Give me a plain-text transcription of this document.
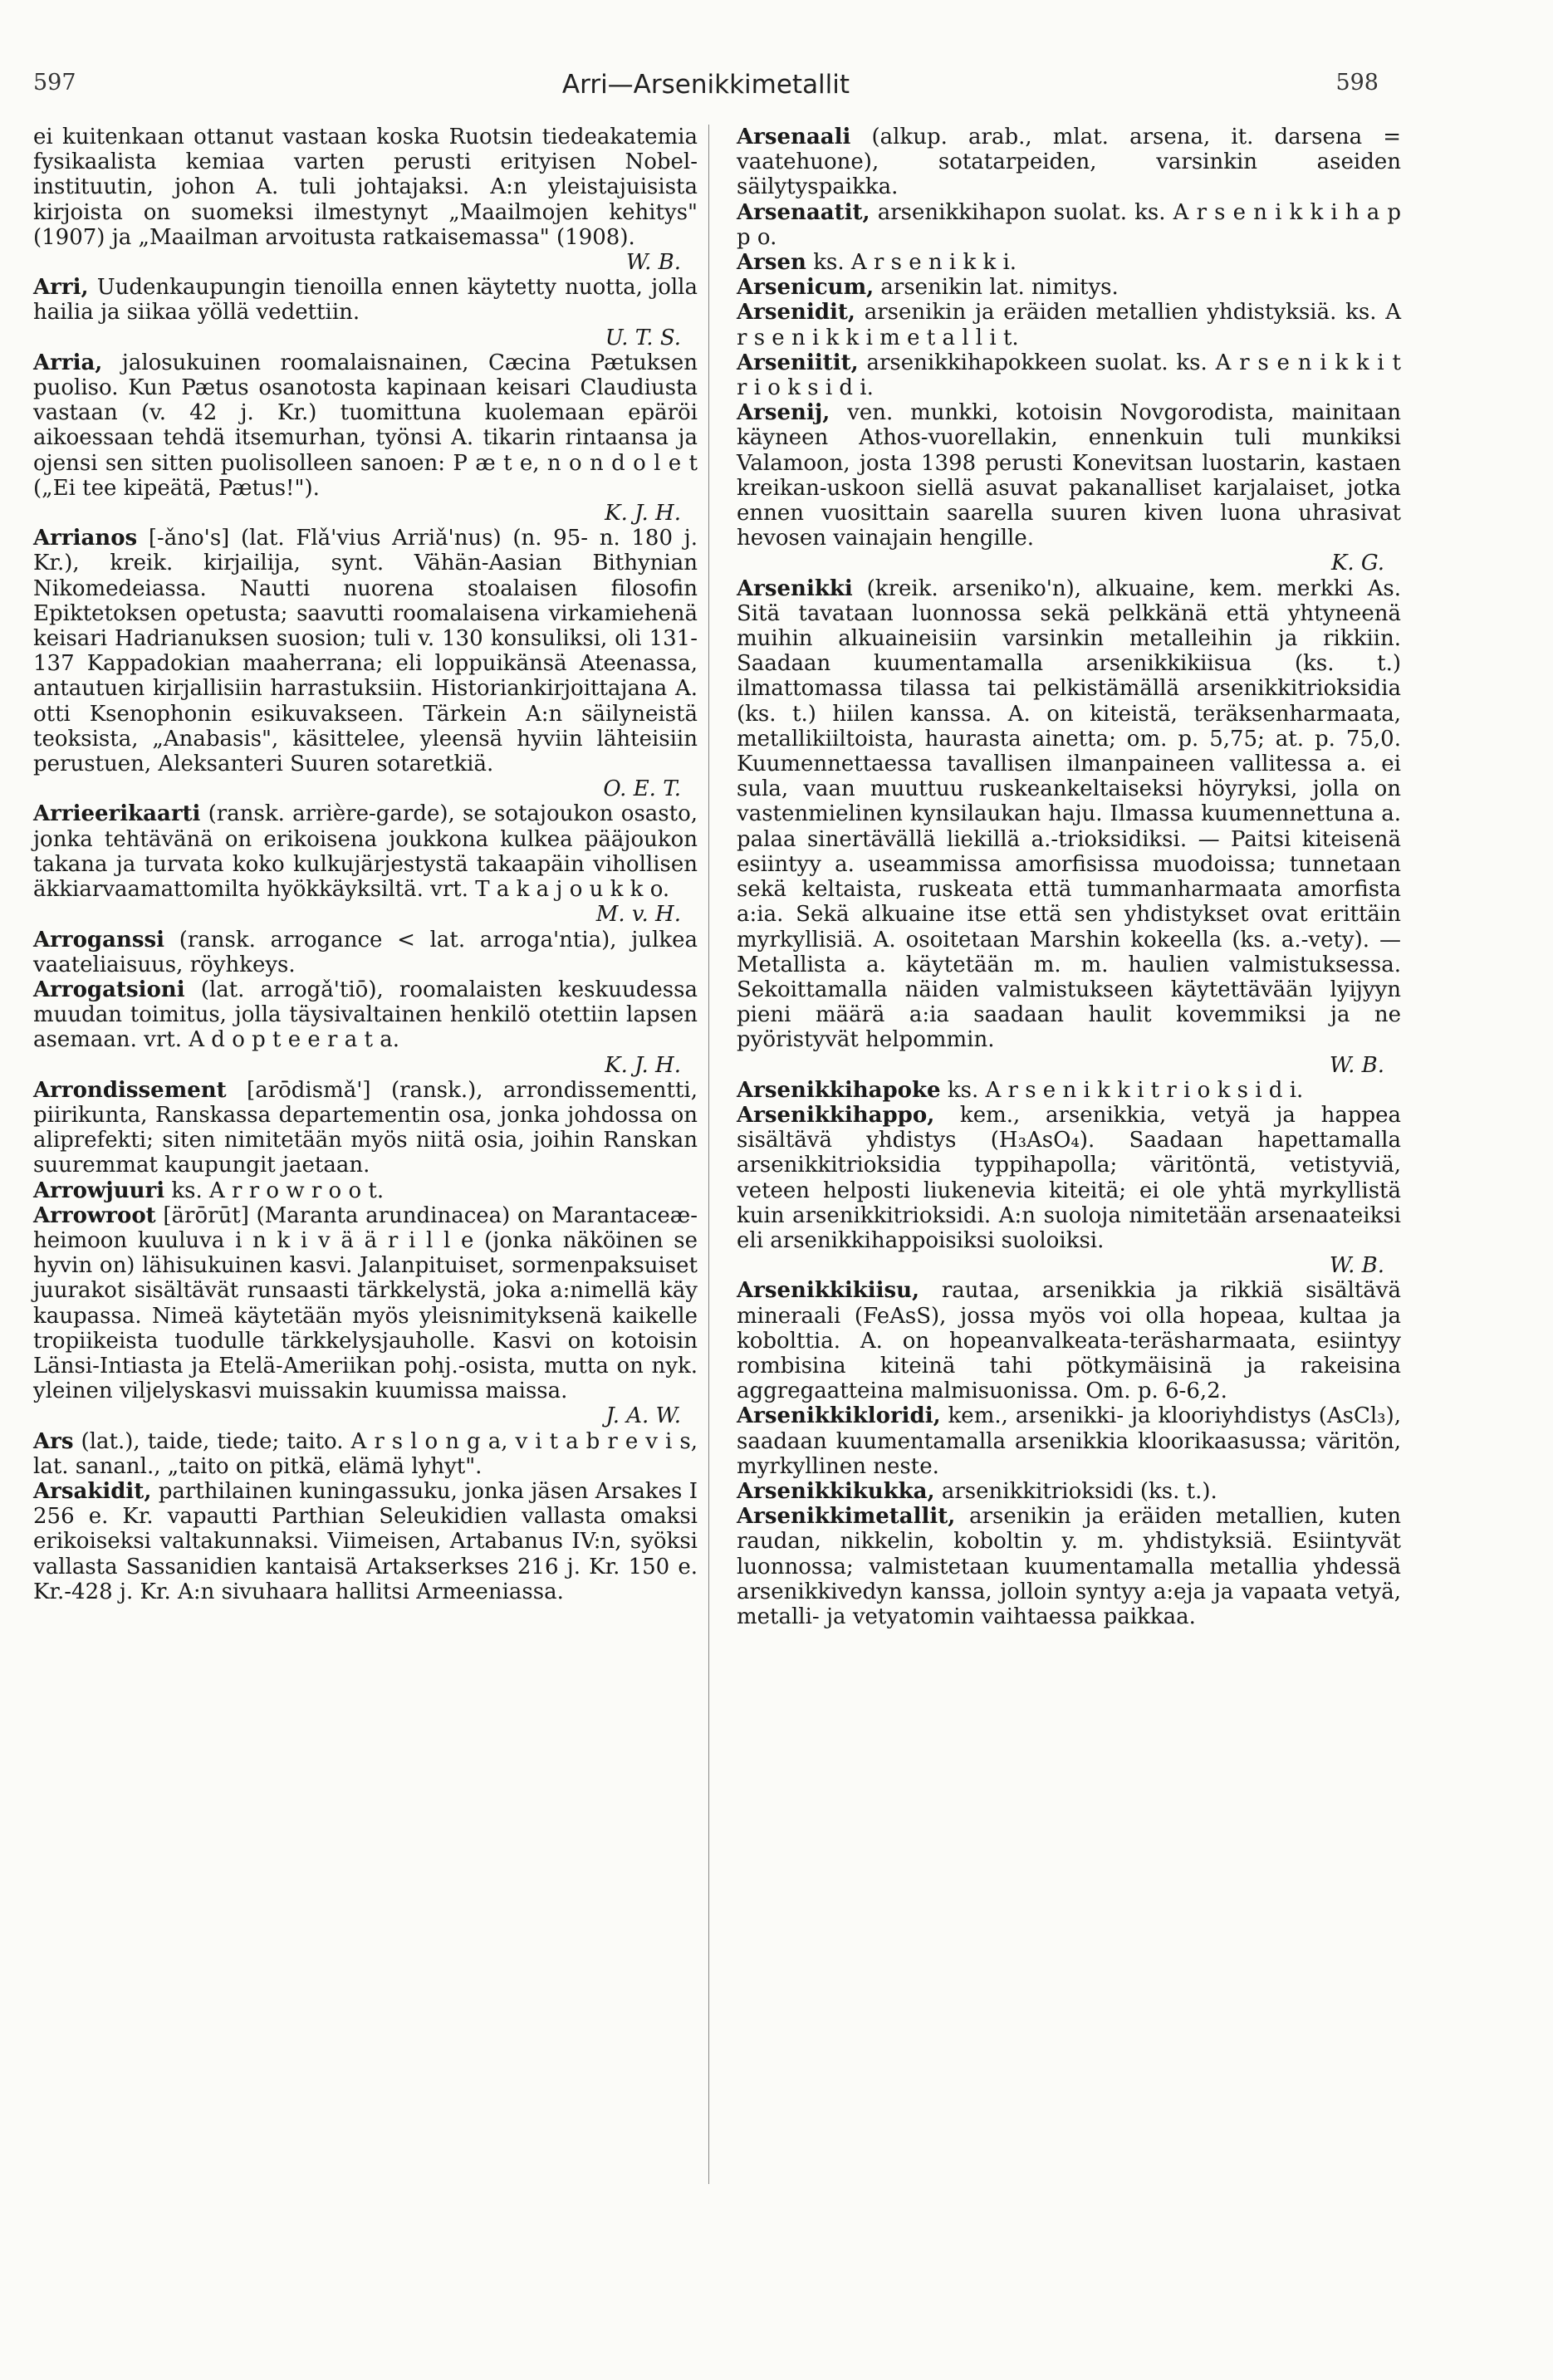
597	Arri—Arsenikkimetallit	598

ei kuitenkaan ottanut vastaan koska Ruotsin tiedeakatemia fysikaalista kemiaa varten perusti erityisen Nobel-instituutin, johon A. tuli johtajaksi. A:n yleistajuisista kirjoista on suomeksi ilmestynyt „Maailmojen kehitys" (1907) ja „Maailman arvoitusta ratkaisemassa" (1908).
W. B.

Arri, Uudenkaupungin tienoilla ennen käytetty nuotta, jolla hailia ja siikaa yöllä vedettiin.
U. T. S.

Arria, jalosukuinen roomalaisnainen, Cæcina Pætuksen puoliso. Kun Pætus osanotosta kapinaan keisari Claudiusta vastaan (v. 42 j. Kr.) tuomittuna kuolemaan epäröi aikoessaan tehdä itsemurhan, työnsi A. tikarin rintaansa ja ojensi sen sitten puolisolleen sanoen: P æ t e, n o n d o l e t („Ei tee kipeätä, Pætus!").
K. J. H.

Arrianos [-ǎno's] (lat. Flǎ'vius Arriǎ'nus) (n. 95- n. 180 j. Kr.), kreik. kirjailija, synt. Vähän-Aasian Bithynian Nikomedeiassa. Nautti nuorena stoalaisen filosofin Epiktetoksen opetusta; saavutti roomalaisena virkamiehenä keisari Hadrianuksen suosion; tuli v. 130 konsuliksi, oli 131-137 Kappadokian maaherrana; eli loppuikänsä Ateenassa, antautuen kirjallisiin harrastuksiin. Historiankirjoittajana A. otti Ksenophonin esikuvakseen. Tärkein A:n säilyneistä teoksista, „Anabasis", käsittelee, yleensä hyviin lähteisiin perustuen, Aleksanteri Suuren sotaretkiä.
O. E. T.

Arrieerikaarti (ransk. arrière-garde), se sotajoukon osasto, jonka tehtävänä on erikoisena joukkona kulkea pääjoukon takana ja turvata koko kulkujärjestystä takaapäin vihollisen äkkiarvaamattomilta hyökkäyksiltä. vrt. T a k a j o u k k o.
M. v. H.

Arroganssi (ransk. arrogance < lat. arroga'ntia), julkea vaateliaisuus, röyhkeys.

Arrogatsioni (lat. arrogǎ'tiō), roomalaisten keskuudessa muudan toimitus, jolla täysivaltainen henkilö otettiin lapsen asemaan. vrt. A d o p t e e r a t a.
K. J. H.

Arrondissement [arōdismǎ'] (ransk.), arrondissementti, piirikunta, Ranskassa departementin osa, jonka johdossa on aliprefekti; siten nimitetään myös niitä osia, joihin Ranskan suuremmat kaupungit jaetaan.

Arrowjuuri ks. A r r o w r o o t.

Arrowroot [ärōrūt] (Maranta arundinacea) on Marantaceæ-heimoon kuuluva i n k i v ä ä r i l l e (jonka näköinen se hyvin on) lähisukuinen kasvi. Jalanpituiset, sormenpaksuiset juurakot sisältävät runsaasti tärkkelystä, joka a:nimellä käy kaupassa. Nimeä käytetään myös yleisnimityksenä kaikelle tropiikeista tuodulle tärkkelysjauholle. Kasvi on kotoisin Länsi-Intiasta ja Etelä-Ameriikan pohj.-osista, mutta on nyk. yleinen viljelyskasvi muissakin kuumissa maissa.
J. A. W.

Ars (lat.), taide, tiede; taito. A r s l o n g a, v i t a b r e v i s, lat. sananl., „taito on pitkä, elämä lyhyt".

Arsakidit, parthilainen kuningassuku, jonka jäsen Arsakes I 256 e. Kr. vapautti Parthian Seleukidien vallasta omaksi erikoiseksi valtakunnaksi. Viimeisen, Artabanus IV:n, syöksi vallasta Sassanidien kantaisä Artakserkses 216 j. Kr. 150 e. Kr.-428 j. Kr. A:n sivuhaara hallitsi Armeeniassa.

Arsenaali (alkup. arab., mlat. arsena, it. darsena = vaatehuone), sotatarpeiden, varsinkin aseiden säilytyspaikka.

Arsenaatit, arsenikkihapon suolat. ks. A r s e n i k k i h a p p o.

Arsen ks. A r s e n i k k i.

Arsenicum, arsenikin lat. nimitys.

Arsenidit, arsenikin ja eräiden metallien yhdistyksiä. ks. A r s e n i k k i m e t a l l i t.

Arseniitit, arsenikkihapokkeen suolat. ks. A r s e n i k k i t r i o k s i d i.

Arsenij, ven. munkki, kotoisin Novgorodista, mainitaan käyneen Athos-vuorellakin, ennenkuin tuli munkiksi Valamoon, josta 1398 perusti Konevitsan luostarin, kastaen kreikan-uskoon siellä asuvat pakanalliset karjalaiset, jotka ennen vuosittain saarella suuren kiven luona uhrasivat hevosen vainajain hengille.
K. G.

Arsenikki (kreik. arseniko'n), alkuaine, kem. merkki As. Sitä tavataan luonnossa sekä pelkkänä että yhtyneenä muihin alkuaineisiin varsinkin metalleihin ja rikkiin. Saadaan kuumentamalla arsenikkikiisua (ks. t.) ilmattomassa tilassa tai pelkistämällä arsenikkitrioksidia (ks. t.) hiilen kanssa. A. on kiteistä, teräksenharmaata, metallikiiltoista, haurasta ainetta; om. p. 5,75; at. p. 75,0. Kuumennettaessa tavallisen ilmanpaineen vallitessa a. ei sula, vaan muuttuu ruskeankeltaiseksi höyryksi, jolla on vastenmielinen kynsilaukan haju. Ilmassa kuumennettuna a. palaa sinertävällä liekillä a.-trioksidiksi. — Paitsi kiteisenä esiintyy a. useammissa amorfisissa muodoissa; tunnetaan sekä keltaista, ruskeata että tummanharmaata amorfista a:ia. Sekä alkuaine itse että sen yhdistykset ovat erittäin myrkyllisiä. A. osoitetaan Marshin kokeella (ks. a.-vety). — Metallista a. käytetään m. m. haulien valmistuksessa. Sekoittamalla näiden valmistukseen käytettävään lyijyyn pieni määrä a:ia saadaan haulit kovemmiksi ja ne pyöristyvät helpommin.
W. B.

Arsenikkihapoke ks. A r s e n i k k i t r i o k s i d i.

Arsenikkihappo, kem., arsenikkia, vetyä ja happea sisältävä yhdistys (H₃AsO₄). Saadaan hapettamalla arsenikkitrioksidia typpihapolla; väritöntä, vetistyviä, veteen helposti liukenevia kiteitä; ei ole yhtä myrkyllistä kuin arsenikkitrioksidi. A:n suoloja nimitetään arsenaateiksi eli arsenikkihappoisiksi suoloiksi.
W. B.

Arsenikkikiisu, rautaa, arsenikkia ja rikkiä sisältävä mineraali (FeAsS), jossa myös voi olla hopeaa, kultaa ja kobolttia. A. on hopeanvalkeata-teräsharmaata, esiintyy rombisina kiteinä tahi pötkymäisinä ja rakeisina aggregaatteina malmisuonissa. Om. p. 6-6,2.

Arsenikkikloridi, kem., arsenikki- ja klooriyhdistys (AsCl₃), saadaan kuumentamalla arsenikkia kloorikaasussa; väritön, myrkyllinen neste.

Arsenikkikukka, arsenikkitrioksidi (ks. t.).

Arsenikkimetallit, arsenikin ja eräiden metallien, kuten raudan, nikkelin, koboltin y. m. yhdistyksiä. Esiintyvät luonnossa; valmistetaan kuumentamalla metallia yhdessä arsenikkivedyn kanssa, jolloin syntyy a:eja ja vapaata vetyä, metalli- ja vetyatomin vaihtaessa paikkaa.
